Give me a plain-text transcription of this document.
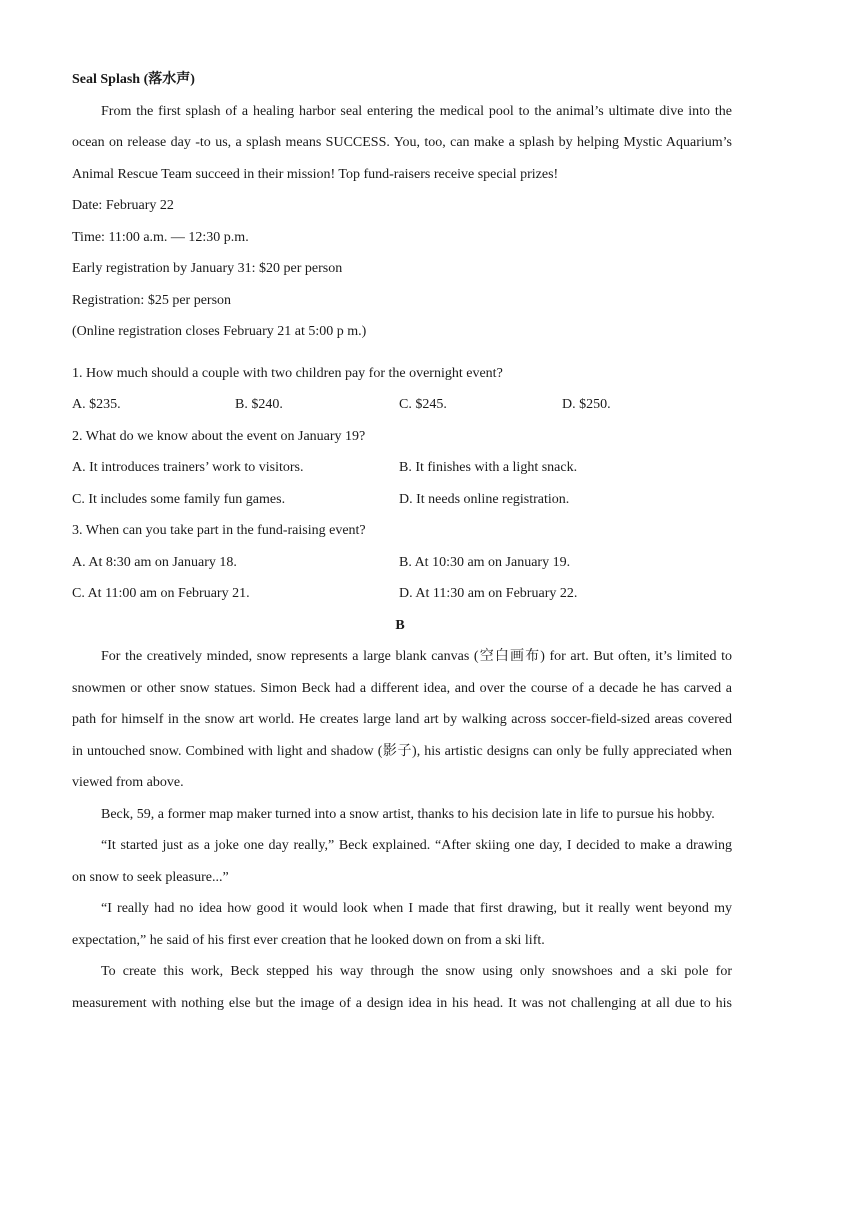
Seal Splash (落水声)
From the first splash of a healing harbor seal entering the medical pool to the animal’s ultimate dive into the
ocean on release day -to us, a splash means SUCCESS. You, too, can make a splash by helping Mystic Aquarium’s
Animal Rescue Team succeed in their mission! Top fund-raisers receive special prizes!
Date: February 22
Time: 11:00 a.m. — 12:30 p.m.
Early registration by January 31: $20 per person
Registration: $25 per person
(Online registration closes February 21 at 5:00 p m.)
1. How much should a couple with two children pay for the overnight event?
A. $235.	B. $240.	C. $245.	D. $250.
2. What do we know about the event on January 19?
A. It introduces trainers’ work to visitors.	B. It finishes with a light snack.
C. It includes some family fun games.	D. It needs online registration.
3. When can you take part in the fund-raising event?
A. At 8:30 am on January 18.	B. At 10:30 am on January 19.
C. At 11:00 am on February 21.	D. At 11:30 am on February 22.
B
For the creatively minded, snow represents a large blank canvas (空白画布) for art. But often, it’s limited to
snowmen or other snow statues. Simon Beck had a different idea, and over the course of a decade he has carved a
path for himself in the snow art world. He creates large land art by walking across soccer-field-sized areas covered
in untouched snow. Combined with light and shadow (影子), his artistic designs can only be fully appreciated when
viewed from above.
Beck, 59, a former map maker turned into a snow artist, thanks to his decision late in life to pursue his hobby.
“It started just as a joke one day really,” Beck explained. “After skiing one day, I decided to make a drawing
on snow to seek pleasure...”
“I really had no idea how good it would look when I made that first drawing, but it really went beyond my
expectation,” he said of his first ever creation that he looked down on from a ski lift.
To create this work, Beck stepped his way through the snow using only snowshoes and a ski pole for
measurement with nothing else but the image of a design idea in his head. It was not challenging at all due to his
